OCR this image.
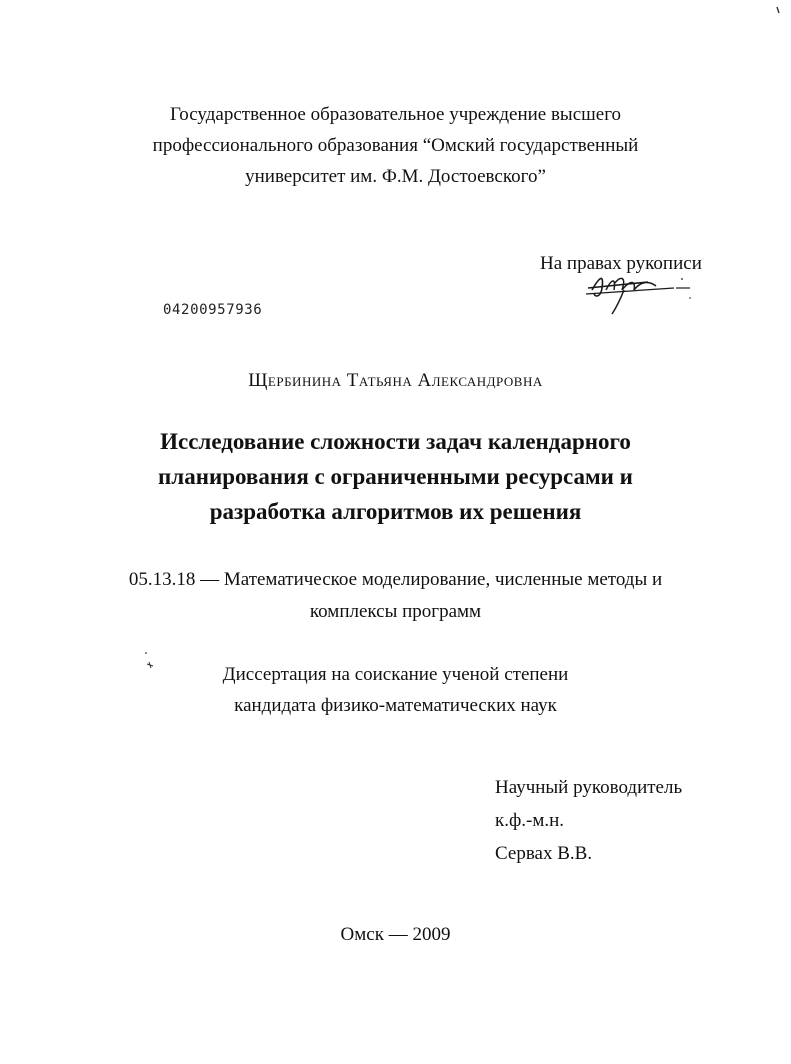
Государственное образовательное учреждение высшего
профессионального образования “Омский государственный
университет им. Ф.М. Достоевского”
На правах рукописи
04200957936
Щербинина Татьяна Александровна
Исследование сложности задач календарного
планирования с ограниченными ресурсами и
разработка алгоритмов их решения
05.13.18 — Математическое моделирование, численные методы и
комплексы программ
Диссертация на соискание ученой степени
кандидата физико-математических наук
Научный руководитель
к.ф.-м.н.
Сервах В.В.
Омск — 2009
